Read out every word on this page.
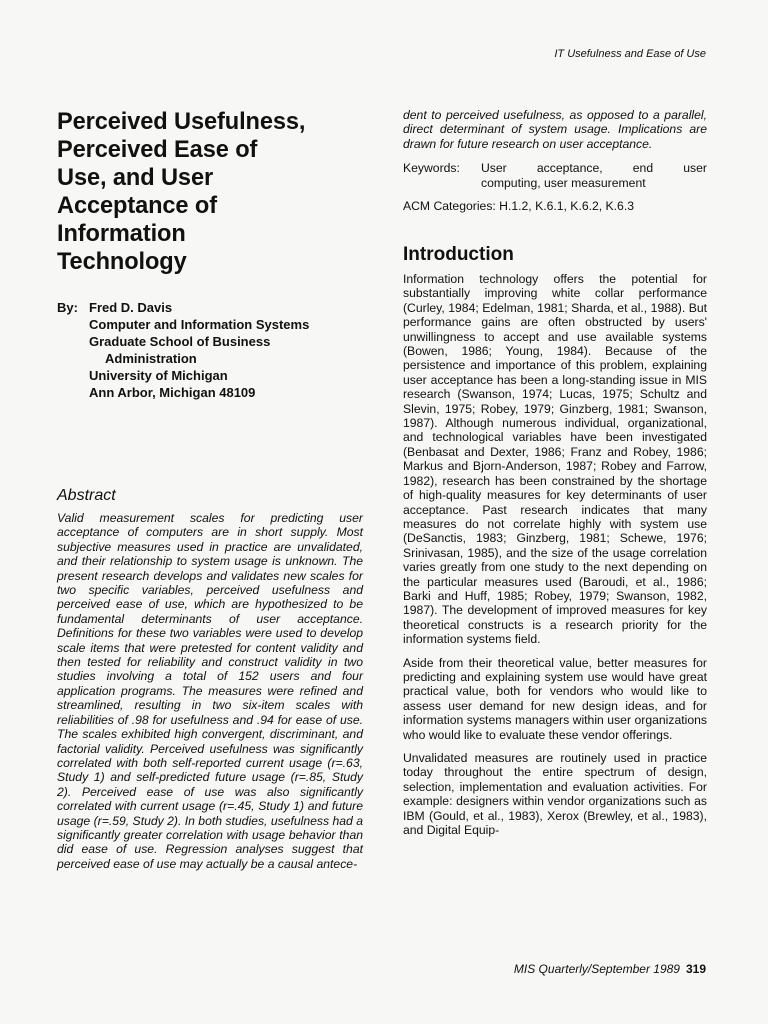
IT Usefulness and Ease of Use
Perceived Usefulness,
Perceived Ease of
Use, and User
Acceptance of
Information
Technology
By: Fred D. Davis
Computer and Information Systems
Graduate School of Business
Administration
University of Michigan
Ann Arbor, Michigan 48109
Abstract

Valid measurement scales for predicting user acceptance of computers are in short supply. Most subjective measures used in practice are unvalidated, and their relationship to system usage is unknown. The present research develops and validates new scales for two specific variables, perceived usefulness and perceived ease of use, which are hypothesized to be fundamental determinants of user acceptance. Definitions for these two variables were used to develop scale items that were pretested for content validity and then tested for reliability and construct validity in two studies involving a total of 152 users and four application programs. The measures were refined and streamlined, resulting in two six-item scales with reliabilities of .98 for usefulness and .94 for ease of use. The scales exhibited high convergent, discriminant, and factorial validity. Perceived usefulness was significantly correlated with both self-reported current usage (r=.63, Study 1) and self-predicted future usage (r=.85, Study 2). Perceived ease of use was also significantly correlated with current usage (r=.45, Study 1) and future usage (r=.59, Study 2). In both studies, usefulness had a significantly greater correlation with usage behavior than did ease of use. Regression analyses suggest that perceived ease of use may actually be a causal antece-

dent to perceived usefulness, as opposed to a parallel, direct determinant of system usage. Implications are drawn for future research on user acceptance.

Keywords:	User acceptance, end user
computing, user measurement
ACM Categories: H.1.2, K.6.1, K.6.2, K.6.3
Introduction

Information technology offers the potential for substantially improving white collar performance (Curley, 1984; Edelman, 1981; Sharda, et al., 1988). But performance gains are often obstructed by users' unwillingness to accept and use available systems (Bowen, 1986; Young, 1984). Because of the persistence and importance of this problem, explaining user acceptance has been a long-standing issue in MIS research (Swanson, 1974; Lucas, 1975; Schultz and Slevin, 1975; Robey, 1979; Ginzberg, 1981; Swanson, 1987). Although numerous individual, organizational, and technological variables have been investigated (Benbasat and Dexter, 1986; Franz and Robey, 1986; Markus and Bjorn-Anderson, 1987; Robey and Farrow, 1982), research has been constrained by the shortage of high-quality measures for key determinants of user acceptance. Past research indicates that many measures do not correlate highly with system use (DeSanctis, 1983; Ginzberg, 1981; Schewe, 1976; Srinivasan, 1985), and the size of the usage correlation varies greatly from one study to the next depending on the particular measures used (Baroudi, et al., 1986; Barki and Huff, 1985; Robey, 1979; Swanson, 1982, 1987). The development of improved measures for key theoretical constructs is a research priority for the information systems field.

Aside from their theoretical value, better measures for predicting and explaining system use would have great practical value, both for vendors who would like to assess user demand for new design ideas, and for information systems managers within user organizations who would like to evaluate these vendor offerings.

Unvalidated measures are routinely used in practice today throughout the entire spectrum of design, selection, implementation and evaluation activities. For example: designers within vendor organizations such as IBM (Gould, et al., 1983), Xerox (Brewley, et al., 1983), and Digital Equip-

MIS Quarterly/September 1989 319
